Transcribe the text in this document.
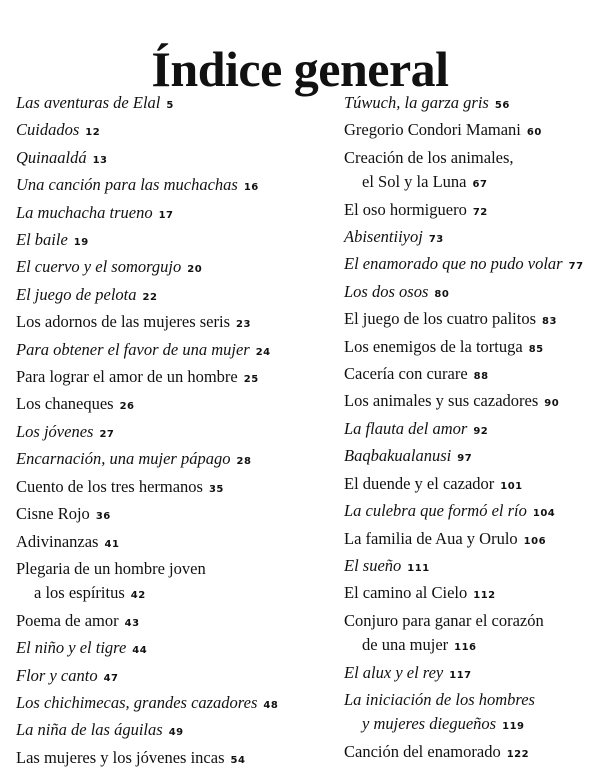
Índice general
Las aventuras de Elal 5
Cuidados 12
Quinaaldá 13
Una canción para las muchachas 16
La muchacha trueno 17
El baile 19
El cuervo y el somorgujo 20
El juego de pelota 22
Los adornos de las mujeres seris 23
Para obtener el favor de una mujer 24
Para lograr el amor de un hombre 25
Los chaneques 26
Los jóvenes 27
Encarnación, una mujer pápago 28
Cuento de los tres hermanos 35
Cisne Rojo 36
Adivinanzas 41
Plegaria de un hombre joven
a los espíritus 42
Poema de amor 43
El niño y el tigre 44
Flor y canto 47
Los chichimecas, grandes cazadores 48
La niña de las águilas 49
Las mujeres y los jóvenes incas 54
Túwuch, la garza gris 56
Gregorio Condori Mamani 60
Creación de los animales,
el Sol y la Luna 67
El oso hormiguero 72
Abisentiiyoj 73
El enamorado que no pudo volar 77
Los dos osos 80
El juego de los cuatro palitos 83
Los enemigos de la tortuga 85
Cacería con curare 88
Los animales y sus cazadores 90
La flauta del amor 92
Baqbakualanusi 97
El duende y el cazador 101
La culebra que formó el río 104
La familia de Aua y Orulo 106
El sueño 111
El camino al Cielo 112
Conjuro para ganar el corazón
de una mujer 116
El alux y el rey 117
La iniciación de los hombres
y mujeres diegueños 119
Canción del enamorado 122
